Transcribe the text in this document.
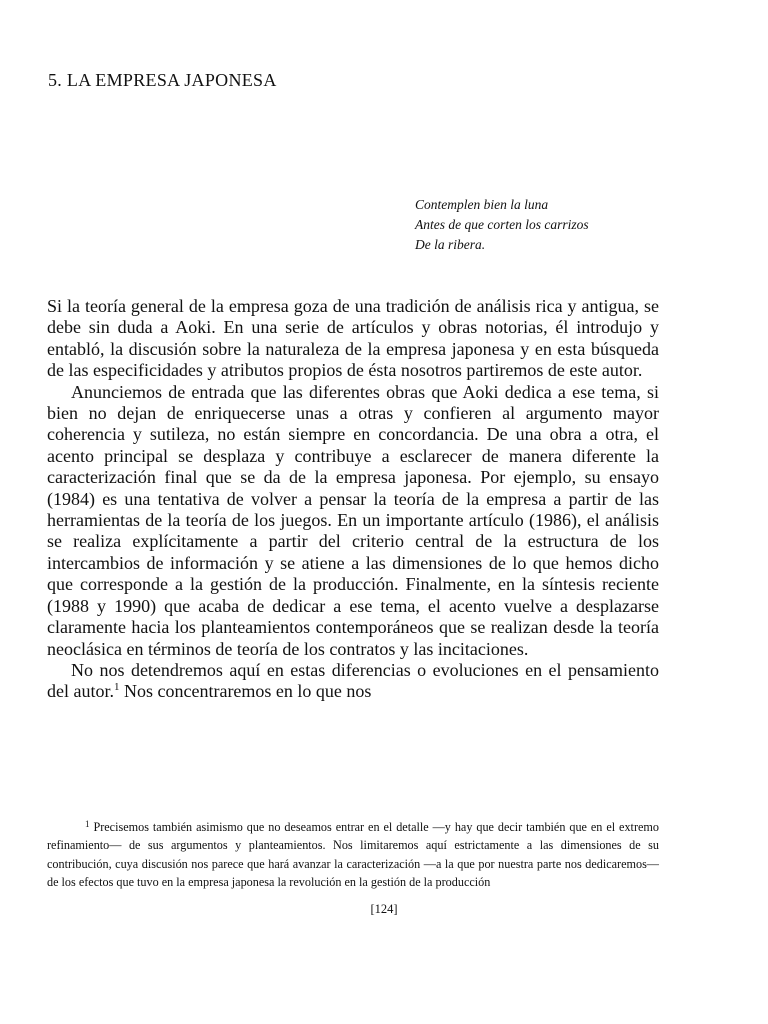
5. LA EMPRESA JAPONESA
Contemplen bien la luna
Antes de que corten los carrizos
De la ribera.

Si la teoría general de la empresa goza de una tradición de análisis rica y antigua, se debe sin duda a Aoki. En una serie de artículos y obras notorias, él introdujo y entabló, la discusión sobre la naturaleza de la empresa japonesa y en esta búsqueda de las especificidades y atributos propios de ésta nosotros partiremos de este autor.

Anunciemos de entrada que las diferentes obras que Aoki dedica a ese tema, si bien no dejan de enriquecerse unas a otras y confieren al argumento mayor coherencia y sutileza, no están siempre en concordancia. De una obra a otra, el acento principal se desplaza y contribuye a esclarecer de manera diferente la caracterización final que se da de la empresa japonesa. Por ejemplo, su ensayo (1984) es una tentativa de volver a pensar la teoría de la empresa a partir de las herramientas de la teoría de los juegos. En un importante artículo (1986), el análisis se realiza explícitamente a partir del criterio central de la estructura de los intercambios de información y se atiene a las dimensiones de lo que hemos dicho que corresponde a la gestión de la producción. Finalmente, en la síntesis reciente (1988 y 1990) que acaba de dedicar a ese tema, el acento vuelve a desplazarse claramente hacia los planteamientos contemporáneos que se realizan desde la teoría neoclásica en términos de teoría de los contratos y las incitaciones.

No nos detendremos aquí en estas diferencias o evoluciones en el pensamiento del autor.$^1$ Nos concentraremos en lo que nos

$^1$ Precisemos también asimismo que no deseamos entrar en el detalle —y hay que decir también que en el extremo refinamiento— de sus argumentos y planteamientos. Nos limitaremos aquí estrictamente a las dimensiones de su contribución, cuya discusión nos parece que hará avanzar la caracterización —a la que por nuestra parte nos dedicaremos— de los efectos que tuvo en la empresa japonesa la revolución en la gestión de la producción

[124]
